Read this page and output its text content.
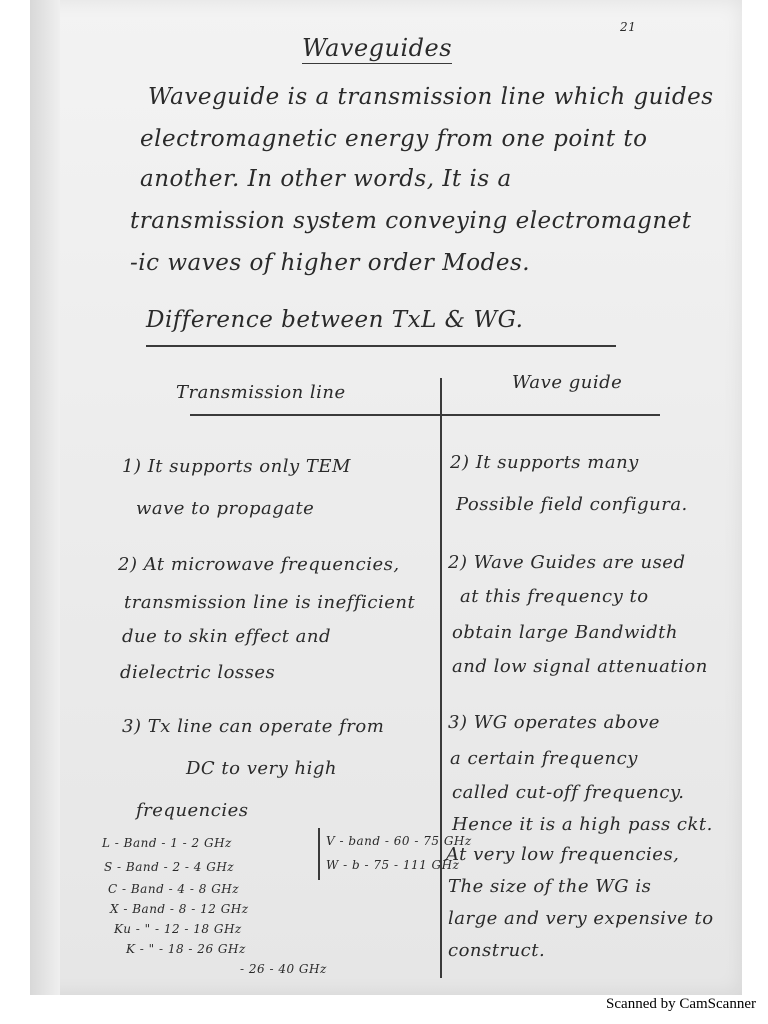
21
Waveguides
Waveguide is a transmission line which guides
electromagnetic energy from one point to
another. In other words, It is a
transmission system conveying electromagnet
-ic waves of higher order Modes.
Difference between TxL & WG.
Transmission line	Wave guide
1) It supports only TEM
wave to propagate
2) At microwave frequencies,
transmission line is inefficient
due to skin effect and
dielectric losses
3) Tx line can operate from
DC to very high
frequencies
L - Band - 1 - 2 GHz
S - Band - 2 - 4 GHz
C - Band - 4 - 8 GHz
X - Band - 8 - 12 GHz
Ku - " - 12 - 18 GHz
K - " - 18 - 26 GHz
- 26 - 40 GHz
V - band - 60 - 75 GHz
W - b - 75 - 111 GHz
2) It supports many
Possible field configura.
2) Wave Guides are used
at this frequency to
obtain large Bandwidth
and low signal attenuation
3) WG operates above
a certain frequency
called cut-off frequency.
Hence it is a high pass ckt.
At very low frequencies,
The size of the WG is
large and very expensive to
construct.
Scanned by CamScanner
